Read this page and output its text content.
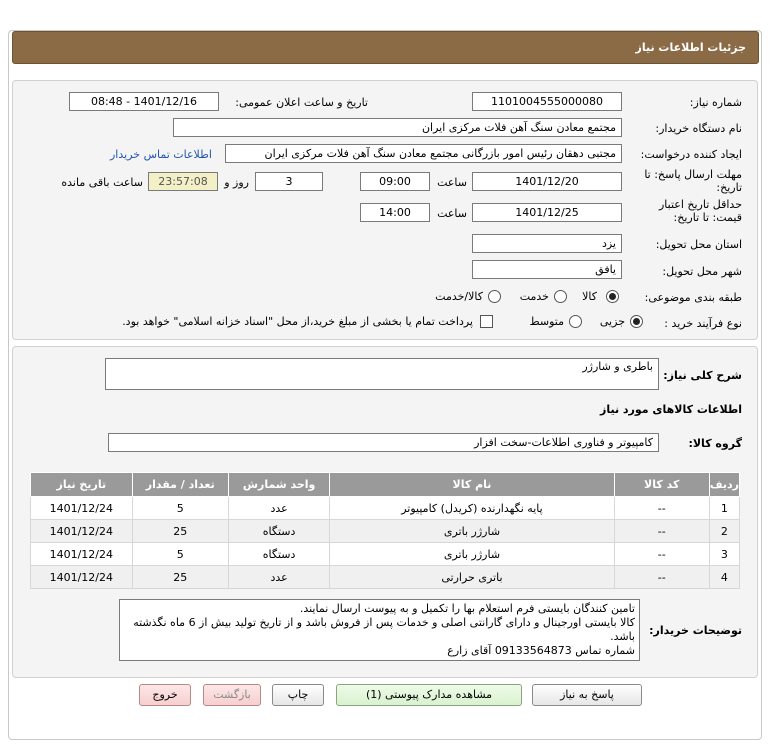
جزئیات اطلاعات نیاز
شماره نیاز:
1101004555000080
تاریخ و ساعت اعلان عمومی:
1401/12/16 - 08:48
نام دستگاه خریدار:
مجتمع معادن سنگ آهن فلات مرکزی ایران
ایجاد کننده درخواست:
مجتبی دهقان رئیس امور بازرگانی مجتمع معادن سنگ آهن فلات مرکزی ایران
اطلاعات تماس خریدار
مهلت ارسال پاسخ: تا تاریخ:
1401/12/20
ساعت
09:00
3
روز و
23:57:08
ساعت باقی مانده
حداقل تاریخ اعتبار قیمت: تا تاریخ:
1401/12/25
ساعت
14:00
استان محل تحویل:
یزد
شهر محل تحویل:
یافق
طبقه بندی موضوعی:
کالا
خدمت
کالا/خدمت
نوع فرآیند خرید :
جزیی
متوسط
پرداخت تمام یا بخشی از مبلغ خرید،از محل "اسناد خزانه اسلامی" خواهد بود.
شرح کلی نیاز:
باطری و شارژر
اطلاعات کالاهای مورد نیاز
گروه کالا:
کامپیوتر و فناوری اطلاعات-سخت افزار
ردیف	کد کالا	نام کالا	واحد شمارش	تعداد / مقدار	تاریخ نیاز
1	--	پایه نگهدارنده (کریدل) کامپیوتر	عدد	5	1401/12/24
2	--	شارژر باتری	دستگاه	25	1401/12/24
3	--	شارژر باتری	دستگاه	5	1401/12/24
4	--	باتری حرارتی	عدد	25	1401/12/24
توضیحات خریدار:
تامین کنندگان بایستی فرم استعلام بها را تکمیل و به پیوست ارسال نمایند.
کالا بایستی اورجینال و دارای گارانتی اصلی و خدمات پس از فروش باشد و از تاریخ تولید بیش از 6 ماه نگذشته باشد.
شماره تماس 09133564873 آقای زارع
پاسخ به نیاز
مشاهده مدارک پیوستی (1)
چاپ
بازگشت
خروج
